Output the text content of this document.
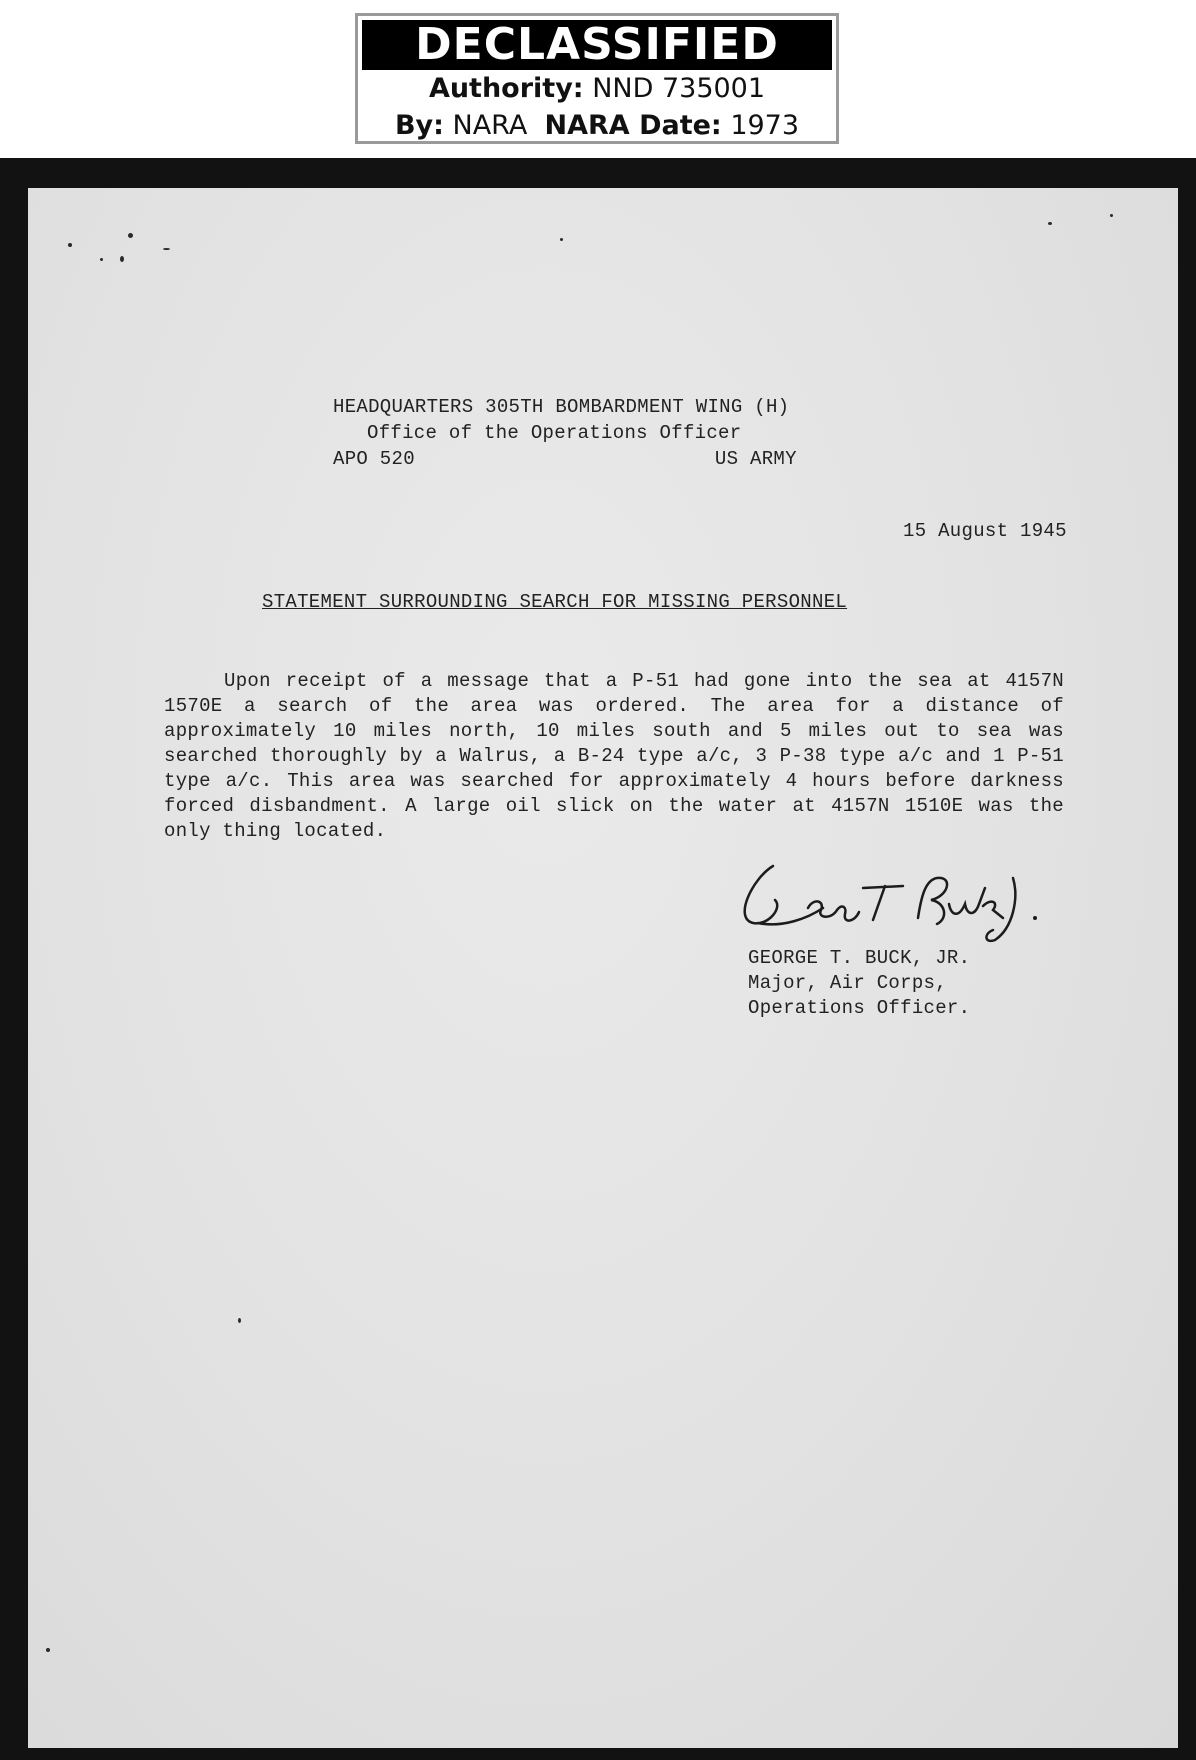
DECLASSIFIED
Authority: NND 735001
By: NARA NARA Date: 1973
HEADQUARTERS 305TH BOMBARDMENT WING (H)
Office of the Operations Officer
APO 520	US ARMY
15 August 1945
STATEMENT SURROUNDING SEARCH FOR MISSING PERSONNEL
Upon receipt of a message that a P-51 had gone into the sea at 4157N 1570E a search of the area was ordered. The area for a distance of approximately 10 miles north, 10 miles south and 5 miles out to sea was searched thoroughly by a Walrus, a B-24 type a/c, 3 P-38 type a/c and 1 P-51 type a/c. This area was searched for approximately 4 hours before darkness forced disbandment. A large oil slick on the water at 4157N 1510E was the only thing located.
GEORGE T. BUCK, JR.
Major, Air Corps,
Operations Officer.
